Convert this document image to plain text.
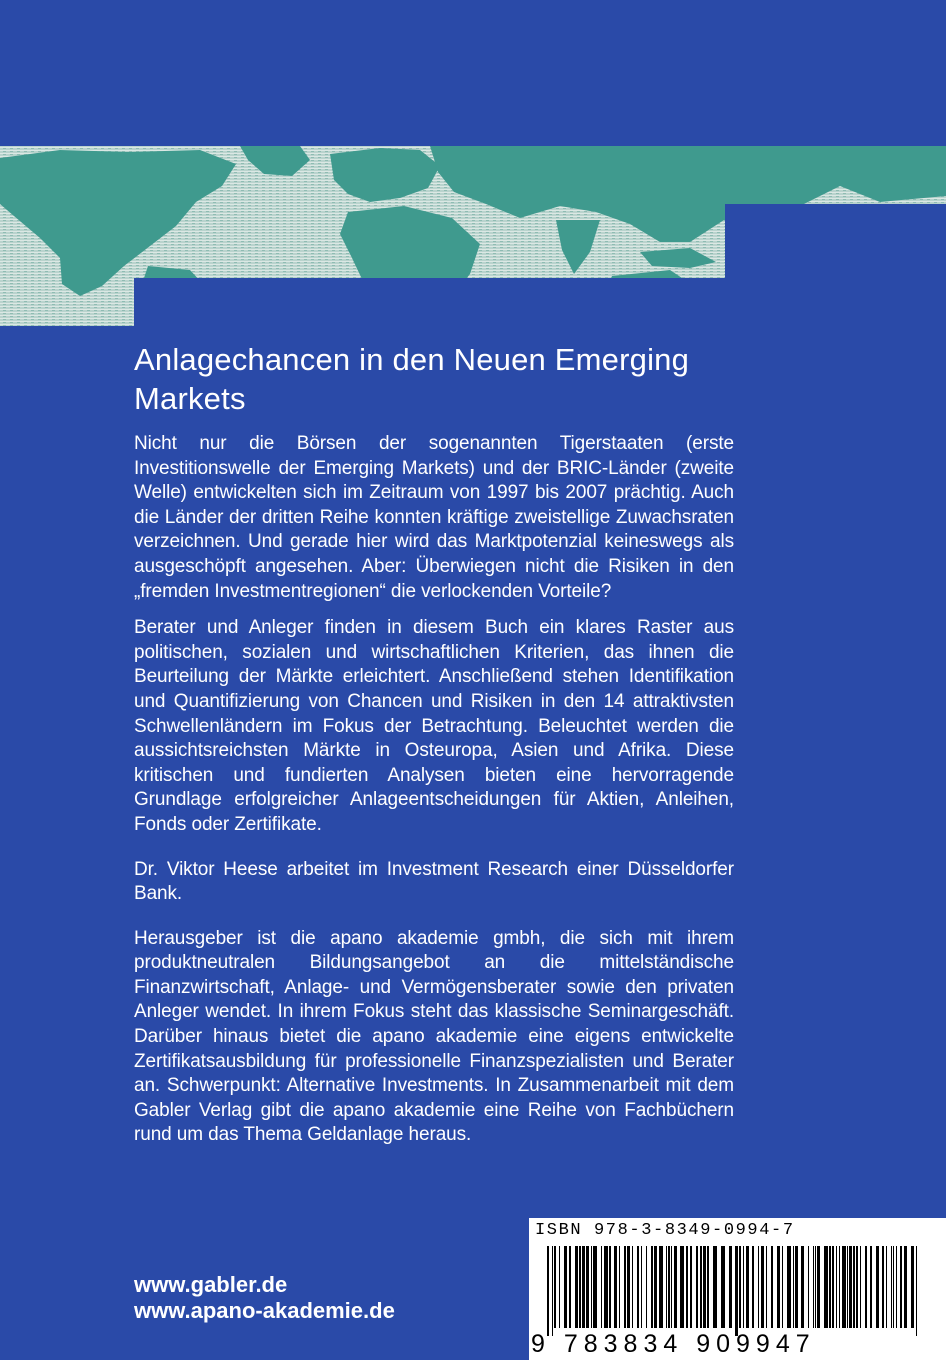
Anlagechancen in den Neuen Emerging Markets

Nicht nur die Börsen der sogenannten Tigerstaaten (erste Investitionswelle der Emerging Markets) und der BRIC-Länder (zweite Welle) entwickelten sich im Zeitraum von 1997 bis 2007 prächtig. Auch die Länder der dritten Reihe konnten kräftige zweistellige Zuwachsraten verzeichnen. Und gerade hier wird das Marktpotenzial keineswegs als ausgeschöpft angesehen. Aber: Überwiegen nicht die Risiken in den „fremden Investmentregionen“ die verlockenden Vorteile?

Berater und Anleger finden in diesem Buch ein klares Raster aus politischen, sozialen und wirtschaftlichen Kriterien, das ihnen die Beurteilung der Märkte erleichtert. Anschließend stehen Identifikation und Quantifizierung von Chancen und Risiken in den 14 attraktivsten Schwellenländern im Fokus der Betrachtung. Beleuchtet werden die aussichtsreichsten Märkte in Osteuropa, Asien und Afrika. Diese kritischen und fundierten Analysen bieten eine hervorragende Grundlage erfolgreicher Anlageentscheidungen für Aktien, Anleihen, Fonds oder Zertifikate.

Dr. Viktor Heese arbeitet im Investment Research einer Düsseldorfer Bank.

Herausgeber ist die apano akademie gmbh, die sich mit ihrem produktneutralen Bildungsangebot an die mittelständische Finanzwirtschaft, Anlage- und Vermögensberater sowie den privaten Anleger wendet. In ihrem Fokus steht das klassische Seminargeschäft. Darüber hinaus bietet die apano akademie eine eigens entwickelte Zertifikatsausbildung für professionelle Finanzspezialisten und Berater an. Schwerpunkt: Alternative Investments. In Zusammenarbeit mit dem Gabler Verlag gibt die apano akademie eine Reihe von Fachbüchern rund um das Thema Geldanlage heraus.

www.gabler.de
www.apano-akademie.de
ISBN 978-3-8349-0994-7
9 783834 909947
